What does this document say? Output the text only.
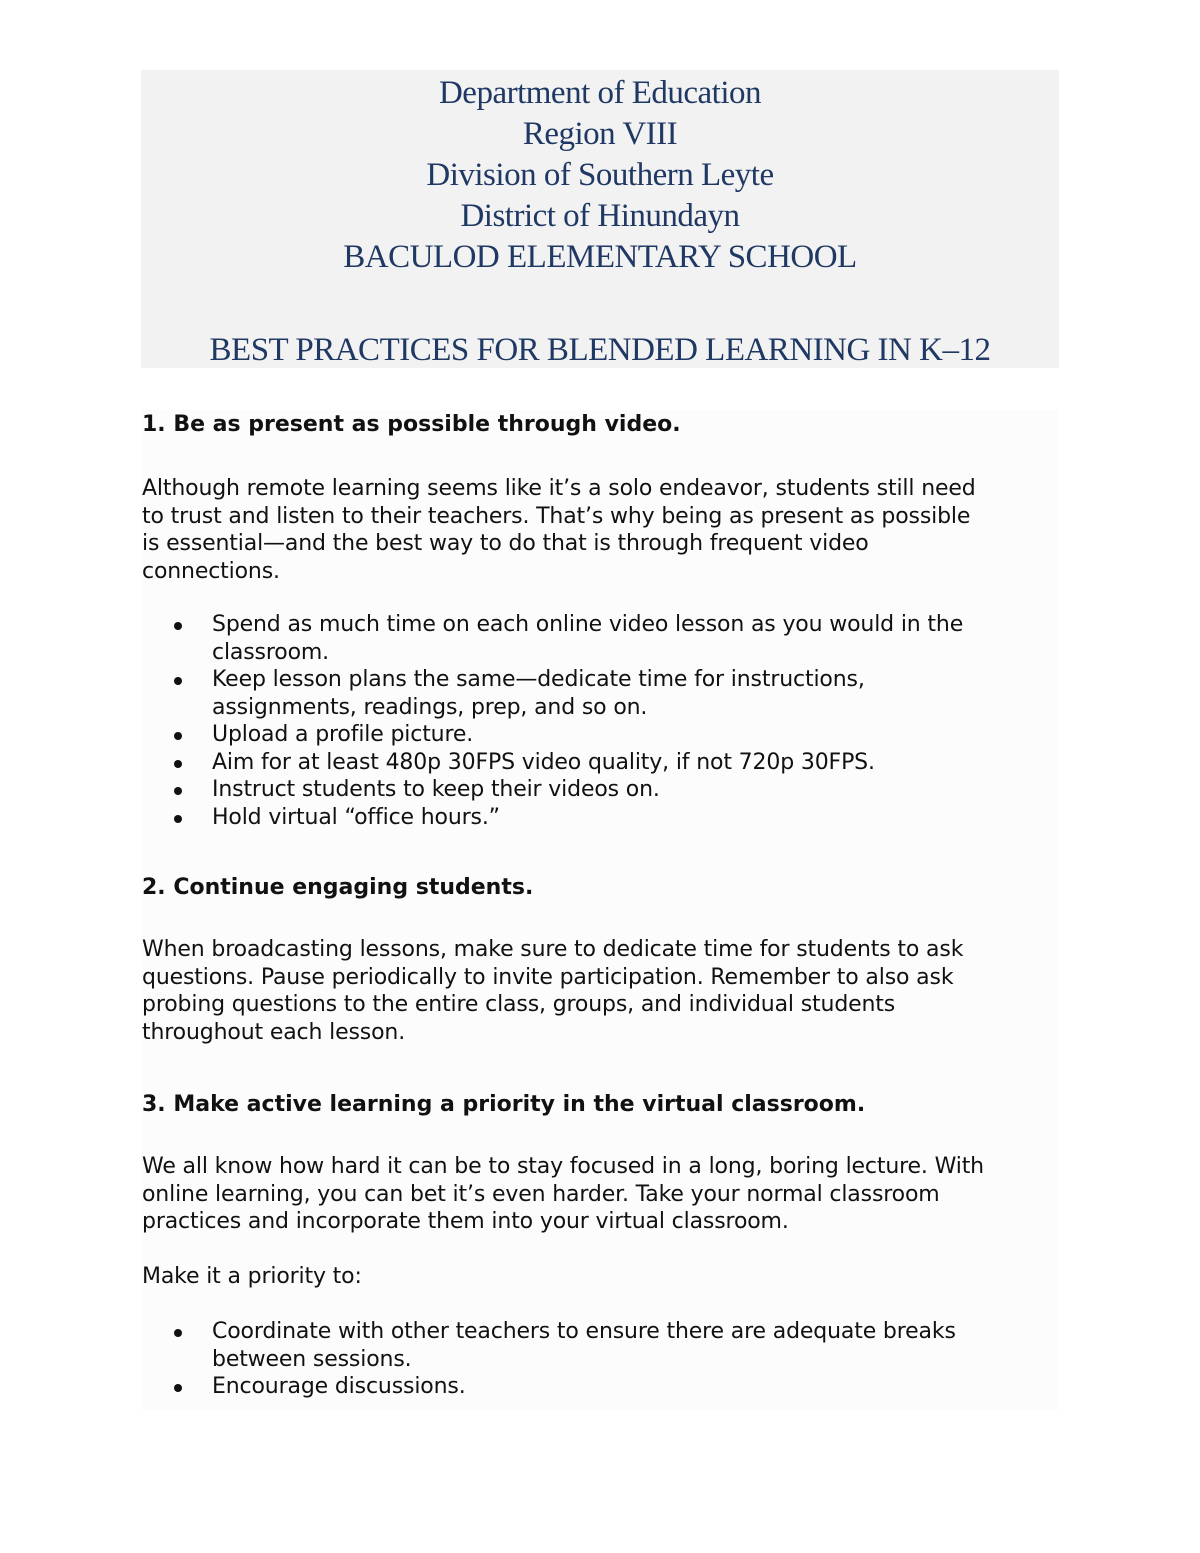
Department of Education
Region VIII
Division of Southern Leyte
District of Hinundayn
BACULOD ELEMENTARY SCHOOL
BEST PRACTICES FOR BLENDED LEARNING IN K–12
1. Be as present as possible through video.
Although remote learning seems like it’s a solo endeavor, students still need
to trust and listen to their teachers. That’s why being as present as possible
is essential—and the best way to do that is through frequent video
connections.
Spend as much time on each online video lesson as you would in the
classroom.
Keep lesson plans the same—dedicate time for instructions,
assignments, readings, prep, and so on.
Upload a profile picture.
Aim for at least 480p 30FPS video quality, if not 720p 30FPS.
Instruct students to keep their videos on.
Hold virtual “office hours.”
2. Continue engaging students.
When broadcasting lessons, make sure to dedicate time for students to ask
questions. Pause periodically to invite participation. Remember to also ask
probing questions to the entire class, groups, and individual students
throughout each lesson.
3. Make active learning a priority in the virtual classroom.
We all know how hard it can be to stay focused in a long, boring lecture. With
online learning, you can bet it’s even harder. Take your normal classroom
practices and incorporate them into your virtual classroom.
Make it a priority to:
Coordinate with other teachers to ensure there are adequate breaks
between sessions.
Encourage discussions.
